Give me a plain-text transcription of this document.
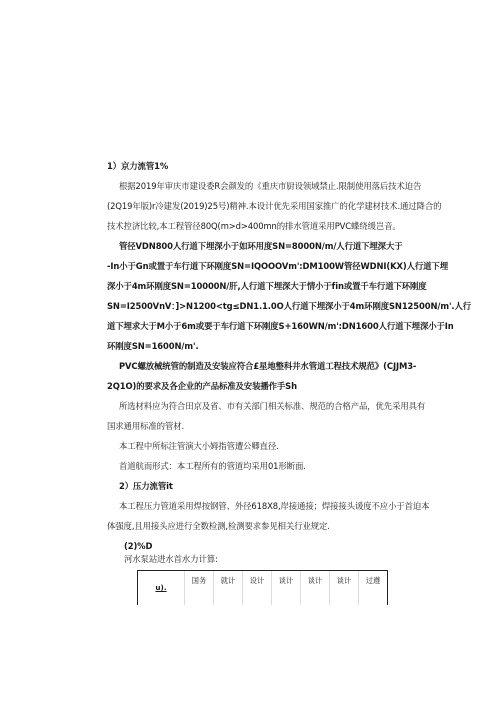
1）京力流管1%
根据2019年审庆市建设委R会颜发的《重庆市厨设领域禁止.限制使用落后技术迫告
(2Q19年版)r冷建发(2019)25号)精神.本设计优先采用国家推广的化学建材技术.通过降合的
技术控济比较,本工程管径80Q(m>d>400mn的排水管道采用PVC蝶绕缓岂音。
管径VDN800人行道下埋深小于如环用度SN=8000N/m/人行道下埋深大于
-In小于Gn或置于车行道下环刚度SN=IQOOOVm':DM100W管径WDNI(KX)人行道下埋
深小于4m环刚度SN=10000N/肝,人行道下埋深大于情小于fin或置千车行道下环刚度
SN=I2500VnV：]>N1200<tg≤DN1.1.0O人行道下埋深小于4m环刚度SN12500N/m'.人行
道下埋求大于M小于6m或要于车行道下环刚度S+160WN/m':DN1600人行道下埋深小于In
环刚度SN=1600N/m'.
PVC螺放械统管的制造及安装应符合£星地整科井水管道工程技术规范》(CJJM3-
2Q1O)的要求及各企业的产品标准及安装播作手Sh
所选材料应为符合田京及省、市有关部门相关标准、规范的合格产品，优先采用具有
国求通用标准的管材.
本工程中所标注管演大小姆指管遭公卿直径.
首道航而形式：本工程所有的管道均采用01形断面.
2）压力流管it
本工程压力管道采用焊按钢管、外径618X8,岸接通接；焊接接头谖度不应小于首迫本
体强度,且用接头应进行全数检测,检测要求参见相关行业规定.
(2)%D
河水泵站进水首水力计算:
u).	国务	就计	设计	谈计	谈计	谈计	过遵
